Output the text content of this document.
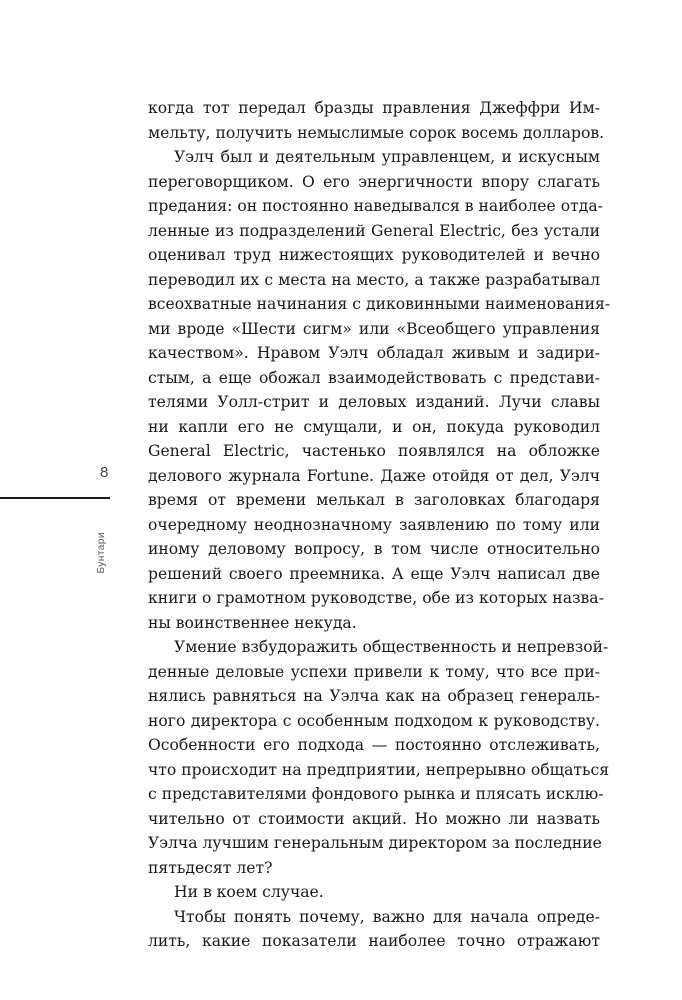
8
Бунтари
когда тот передал бразды правления Джеффри Им-
мельту, получить немыслимые сорок восемь долларов.
Уэлч был и деятельным управленцем, и искусным
переговорщиком. О его энергичности впору слагать
предания: он постоянно наведывался в наиболее отда-
ленные из подразделений General Electric, без устали
оценивал труд нижестоящих руководителей и вечно
переводил их с места на место, а также разрабатывал
всеохватные начинания с диковинными наименования-
ми вроде «Шести сигм» или «Всеобщего управления
качеством». Нравом Уэлч обладал живым и задири-
стым, а еще обожал взаимодействовать с представи-
телями Уолл-стрит и деловых изданий. Лучи славы
ни капли его не смущали, и он, покуда руководил
General Electric, частенько появлялся на обложке
делового журнала Fortune. Даже отойдя от дел, Уэлч
время от времени мелькал в заголовках благодаря
очередному неоднозначному заявлению по тому или
иному деловому вопросу, в том числе относительно
решений своего преемника. А еще Уэлч написал две
книги о грамотном руководстве, обе из которых назва-
ны воинственнее некуда.
Умение взбудоражить общественность и непревзой-
денные деловые успехи привели к тому, что все при-
нялись равняться на Уэлча как на образец генераль-
ного директора с особенным подходом к руководству.
Особенности его подхода — постоянно отслеживать,
что происходит на предприятии, непрерывно общаться
с представителями фондового рынка и плясать исклю-
чительно от стоимости акций. Но можно ли назвать
Уэлча лучшим генеральным директором за последние
пятьдесят лет?
Ни в коем случае.
Чтобы понять почему, важно для начала опреде-
лить, какие показатели наиболее точно отражают
